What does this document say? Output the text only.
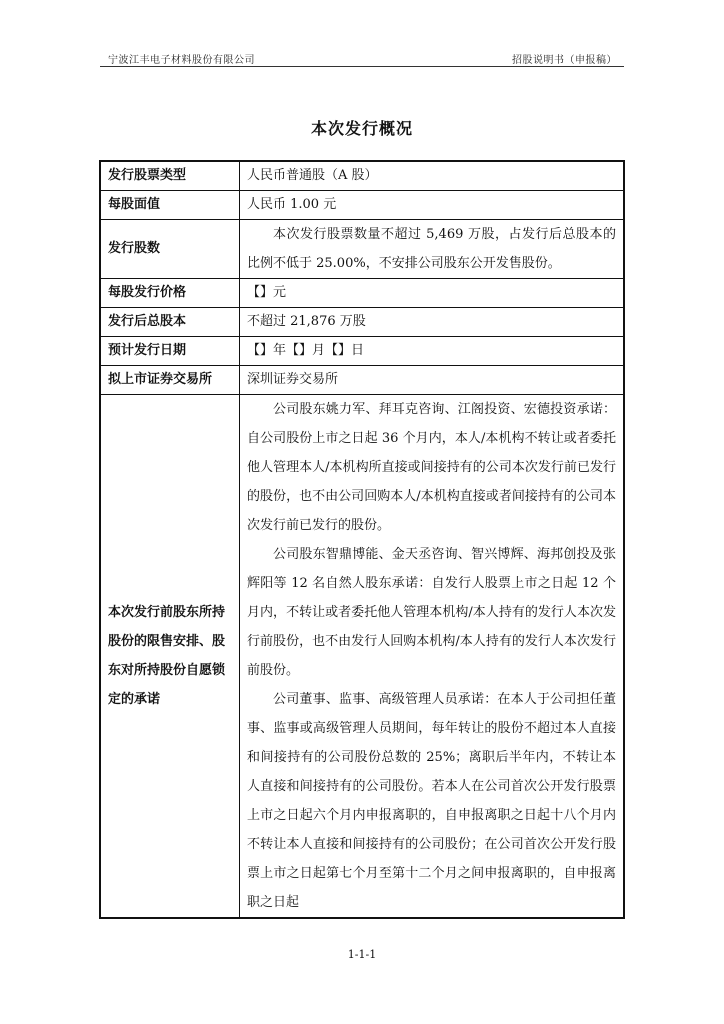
宁波江丰电子材料股份有限公司	招股说明书（申报稿）
本次发行概况
发行股票类型	人民币普通股（A 股）
每股面值	人民币 1.00 元
发行股数	本次发行股票数量不超过 5,469 万股，占发行后总股本的比例不低于 25.00%，不安排公司股东公开发售股份。

每股发行价格	【】元
发行后总股本	不超过 21,876 万股
预计发行日期	【】年【】月【】日
拟上市证券交易所	深圳证券交易所
本次发行前股东所持股份的限售安排、股东对所持股份自愿锁定的承诺	公司股东姚力军、拜耳克咨询、江阁投资、宏德投资承诺：自公司股份上市之日起 36 个月内，本人/本机构不转让或者委托他人管理本人/本机构所直接或间接持有的公司本次发行前已发行的股份，也不由公司回购本人/本机构直接或者间接持有的公司本次发行前已发行的股份。
公司股东智鼎博能、金天丞咨询、智兴博辉、海邦创投及张辉阳等 12 名自然人股东承诺：自发行人股票上市之日起 12 个月内，不转让或者委托他人管理本机构/本人持有的发行人本次发行前股份，也不由发行人回购本机构/本人持有的发行人本次发行前股份。
公司董事、监事、高级管理人员承诺：在本人于公司担任董事、监事或高级管理人员期间，每年转让的股份不超过本人直接和间接持有的公司股份总数的 25%；离职后半年内，不转让本人直接和间接持有的公司股份。若本人在公司首次公开发行股票上市之日起六个月内申报离职的，自申报离职之日起十八个月内不转让本人直接和间接持有的公司股份；在公司首次公开发行股票上市之日起第七个月至第十二个月之间申报离职的，自申报离职之日起
1-1-1
